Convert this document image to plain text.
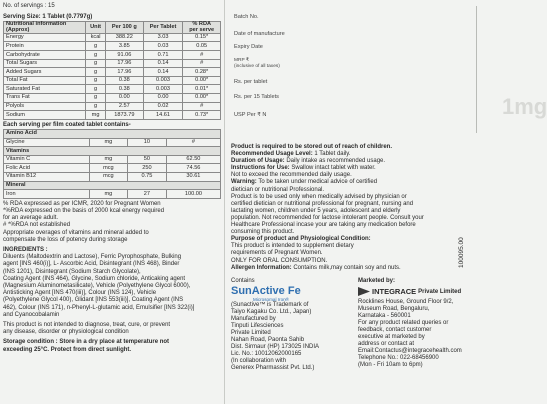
No. of servings : 15
Serving Size: 1 Tablet (0.7797g)
Nutritional information
(Approx)	Unit	Per 100 g	Per Tablet	% RDA
per serve
Energy	kcal	388.22	3.03	0.15*
Protein	g	3.85	0.03	0.05
Carbohydrate	g	91.06	0.71	#
Total Sugars	g	17.96	0.14	#
Added Sugars	g	17.96	0.14	0.28*
Total Fat	g	0.38	0.003	0.00*
Saturated Fat	g	0.38	0.003	0.01*
Trans Fat	g	0.00	0.00	0.00*
Polyols	g	2.57	0.02	#
Sodium	mg	1873.79	14.61	0.73*
Each serving per film coated tablet contains-
Amino Acid			
Glycine	mg	10	#
Vitamins			
Vitamin C	mg	50	62.50
Folic Acid	mcg	250	74.56
Vitamin B12	mcg	0.75	30.61
Mineral			
Iron	mg	27	100.00
% RDA expressed as per ICMR, 2020 for Pregnant Women
*%RDA expressed on the basis of 2000 kcal energy required
for an average adult.
# *%RDA not established
Appropriate overages of vitamins and mineral added to
compensate the loss of potency during storage
INGREDIENTS :
Diluents (Maltodextrin and Lactose), Ferric Pyrophosphate, Bulking
agent [INS 460(i)], L- Ascorbic Acid, Disintegrant (INS 468), Binder
(INS 1201), Disintegrant (Sodium Starch Glycolate),
Coating Agent (INS 464), Glycine, Sodium chloride, Anticaking agent
(Magnesium Aluminometasilicate), Vehicle (Polyethylene Glycol 6000),
Antisticking Agent [INS 470(iii)], Colour (INS 124), Vehicle
(Polyethylene Glycol 400), Glidant [INS 553(iii)], Coating Agent (INS
462), Colour (INS 171), n-Phenyl-L-glutamic acid, Emulsifier [INS 322(i)]
and Cyanocobalamin
This product is not intended to diagnose, treat, cure, or prevent
any disease, disorder or physiological condition
Storage condition : Store in a dry place at temperature not
exceeding 25°C. Protect from direct sunlight.
Batch No.
Date of manufacture
Expiry Date
MRP ₹
(inclusive of all taxes)
Rs. per tablet
Rs. per 15 Tablets
USP Per ₹ N	1mg
Product is required to be stored out of reach of children.
Recommended Usage Level: 1 Tablet daily.
Duration of Usage: Daily intake as recommended usage.
Instructions for Use: Swallow intact tablet with water.
Not to exceed the recommended daily usage.
Warning: To be taken under medical advice of certified
dietician or nutritional Professional.
Product is to be used only when medically advised by physician or
certified dietician or nutritional professional for pregnant, nursing and
lactating women, children under 5 years, adolescent and elderly
population. Not recommended for lactose intolerant people. Consult your
Healthcare Professional incase your are taking any medication before
consuming this product.
Purpose of product and Physiological Condition:
This product is intended to supplement dietary
requirements of Pregnant Women.
ONLY FOR ORAL CONSUMPTION.
Allergen Information: Contains milk,may contain soy and nuts.
Contains
SunActive Fe
Microsomal Iron®
(Sunactive™ is Trademark of
Taiyo Kagaku Co. Ltd., Japan)
Manufactured by
Tinputi Lifesciences
Private Limited
Nahan Road, Paonta Sahib
Dist. Sirmaur (HP) 173025 INDIA
Lic. No.: 10012062000165
(In collaboration with
Generex Pharmassist Pvt. Ltd.)
Marketed by:
INTEGRACE Private Limited
Rocklines House, Ground Floor 9/2,
Museum Road, Bengaluru,
Karnataka - 560001
For any product related queries or
feedback, contact customer
executive at marketed by
address or contact at
Email:Contactus@integracehealth.com
Telephone No.: 022-68456900
(Mon - Fri 10am to 6pm)
100095.00
